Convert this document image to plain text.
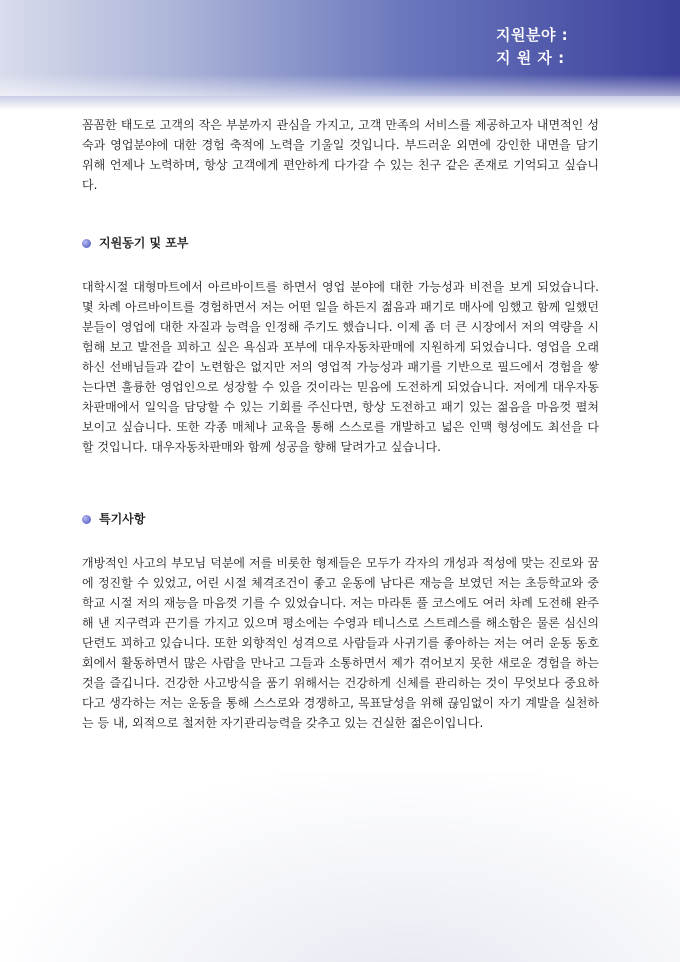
지원분야 :
지 원 자 :

꼼꼼한 태도로 고객의 작은 부분까지 관심을 가지고, 고객 만족의 서비스를 제공하고자 내면적인 성숙과 영업분야에 대한 경험 축적에 노력을 기울일 것입니다. 부드러운 외면에 강인한 내면을 담기 위해 언제나 노력하며, 항상 고객에게 편안하게 다가갈 수 있는 친구 같은 존재로 기억되고 싶습니다.

지원동기 및 포부

대학시절 대형마트에서 아르바이트를 하면서 영업 분야에 대한 가능성과 비전을 보게 되었습니다. 몇 차례 아르바이트를 경험하면서 저는 어떤 일을 하든지 젊음과 패기로 매사에 임했고 함께 일했던 분들이 영업에 대한 자질과 능력을 인정해 주기도 했습니다. 이제 좀 더 큰 시장에서 저의 역량을 시험해 보고 발전을 꾀하고 싶은 욕심과 포부에 대우자동차판매에 지원하게 되었습니다. 영업을 오래하신 선배님들과 같이 노련함은 없지만 저의 영업적 가능성과 패기를 기반으로 필드에서 경험을 쌓는다면 훌륭한 영업인으로 성장할 수 있을 것이라는 믿음에 도전하게 되었습니다. 저에게 대우자동차판매에서 일익을 담당할 수 있는 기회를 주신다면, 항상 도전하고 패기 있는 젊음을 마음껏 펼쳐 보이고 싶습니다. 또한 각종 매체나 교육을 통해 스스로를 개발하고 넓은 인맥 형성에도 최선을 다할 것입니다. 대우자동차판매와 함께 성공을 향해 달려가고 싶습니다.

특기사항

개방적인 사고의 부모님 덕분에 저를 비롯한 형제들은 모두가 각자의 개성과 적성에 맞는 진로와 꿈에 정진할 수 있었고, 어린 시절 체격조건이 좋고 운동에 남다른 재능을 보였던 저는 초등학교와 중학교 시절 저의 재능을 마음껏 기를 수 있었습니다. 저는 마라톤 풀 코스에도 여러 차례 도전해 완주해 낸 지구력과 끈기를 가지고 있으며 평소에는 수영과 테니스로 스트레스를 해소함은 물론 심신의 단련도 꾀하고 있습니다. 또한 외향적인 성격으로 사람들과 사귀기를 좋아하는 저는 여러 운동 동호회에서 활동하면서 많은 사람을 만나고 그들과 소통하면서 제가 겪어보지 못한 새로운 경험을 하는 것을 즐깁니다. 건강한 사고방식을 품기 위해서는 건강하게 신체를 관리하는 것이 무엇보다 중요하다고 생각하는 저는 운동을 통해 스스로와 경쟁하고, 목표달성을 위해 끊임없이 자기 계발을 실천하는 등 내, 외적으로 철저한 자기관리능력을 갖추고 있는 건실한 젊은이입니다.
